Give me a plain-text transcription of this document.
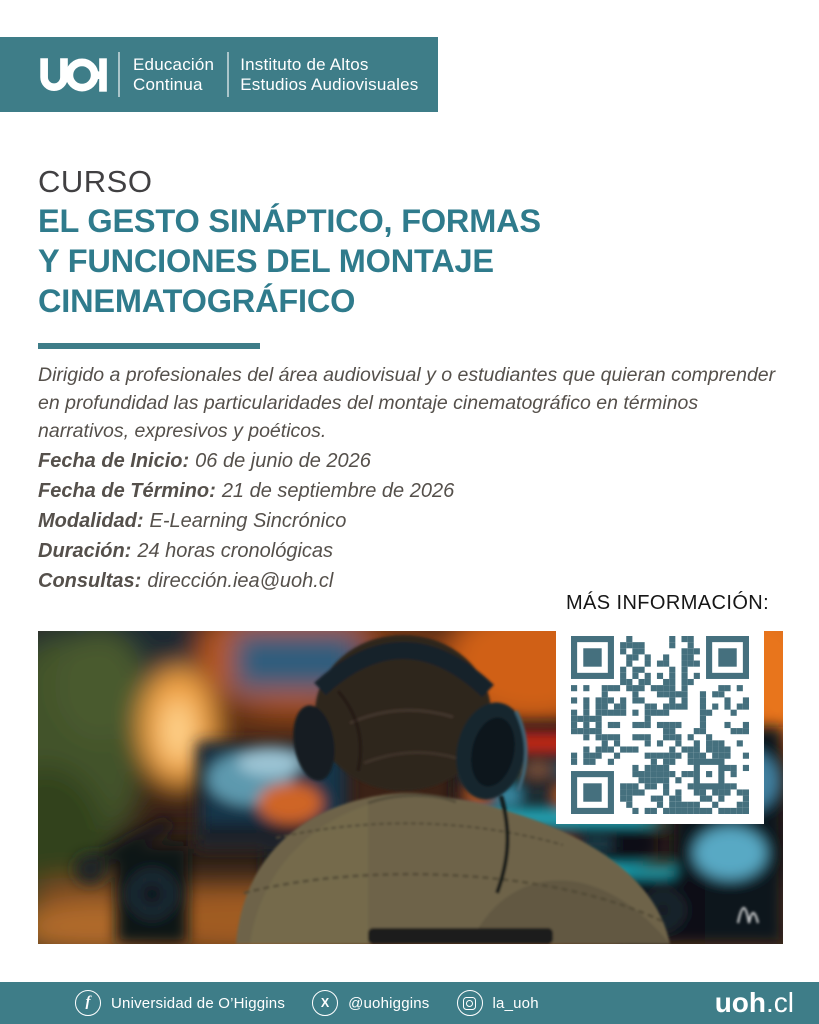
Educación
Continua
Instituto de Altos
Estudios Audiovisuales
CURSO
EL GESTO SINÁPTICO, FORMAS
Y FUNCIONES DEL MONTAJE
CINEMATOGRÁFICO
Dirigido a profesionales del área audiovisual y o estudiantes que quieran comprender en profundidad las particularidades del montaje cinematográfico en términos narrativos, expresivos y poéticos.
Fecha de Inicio: 06 de junio de 2026
Fecha de Término: 21 de septiembre de 2026
Modalidad: E-Learning Sincrónico
Duración: 24 horas cronológicas
Consultas: dirección.iea@uoh.cl
MÁS INFORMACIÓN:
f Universidad de O’Higgins	X @uohiggins	la_uoh	uoh.cl
